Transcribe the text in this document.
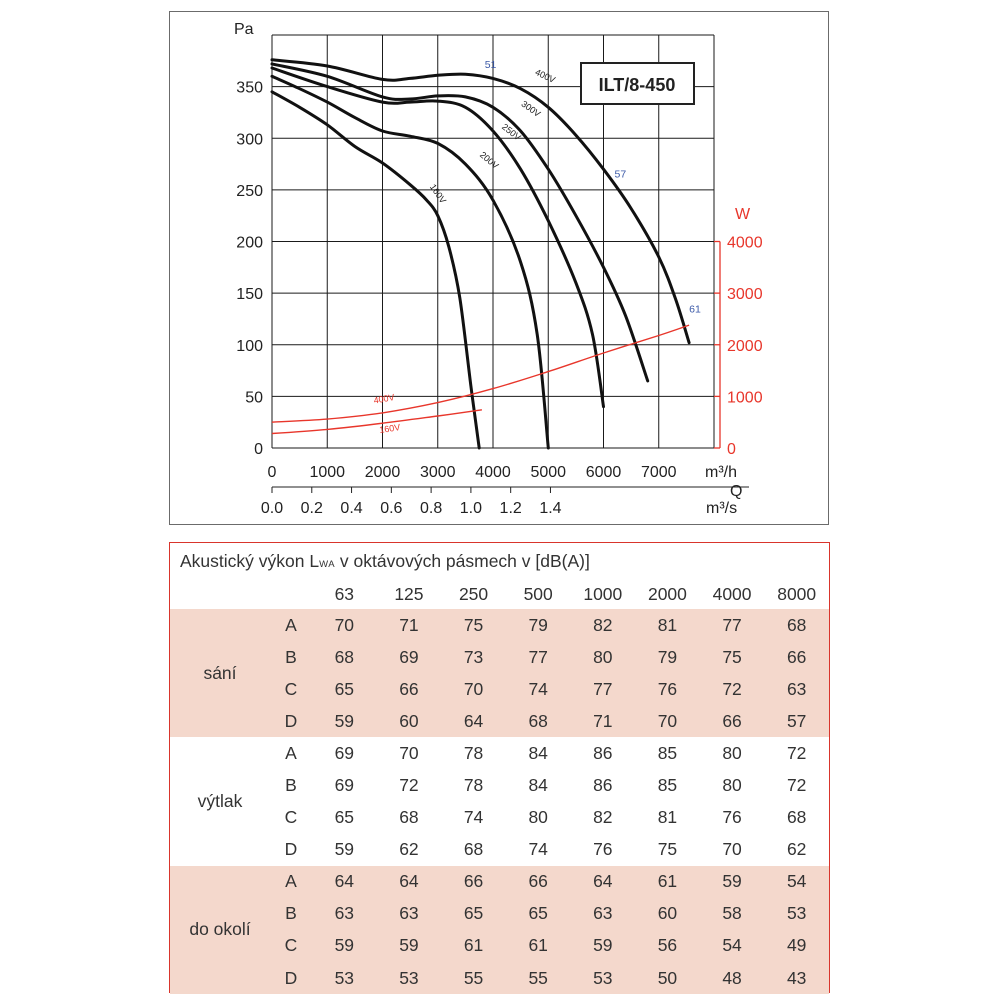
0
50
100
150
200
250
300
350
Pa
0
1000
2000
3000
4000
W
0 1000 2000 3000 4000 5000 6000 7000 m³/h
Q
0.0 0.2 0.4 0.6 0.8 1.0 1.2 1.4	m³/s
ILT/8-450
400V
300V
250V
200V
160V
51
57
61
400V
160V
Akustický výkon LWA v oktávových pásmech v [dB(A)]
		63	125	250	500	1000	2000	4000	8000
sání	A	70	71	75	79	82	81	77	68
	B	68	69	73	77	80	79	75	66
	C	65	66	70	74	77	76	72	63
	D	59	60	64	68	71	70	66	57
výtlak	A	69	70	78	84	86	85	80	72
	B	69	72	78	84	86	85	80	72
	C	65	68	74	80	82	81	76	68
	D	59	62	68	74	76	75	70	62
do okolí	A	64	64	66	66	64	61	59	54
	B	63	63	65	65	63	60	58	53
	C	59	59	61	61	59	56	54	49
	D	53	53	55	55	53	50	48	43
